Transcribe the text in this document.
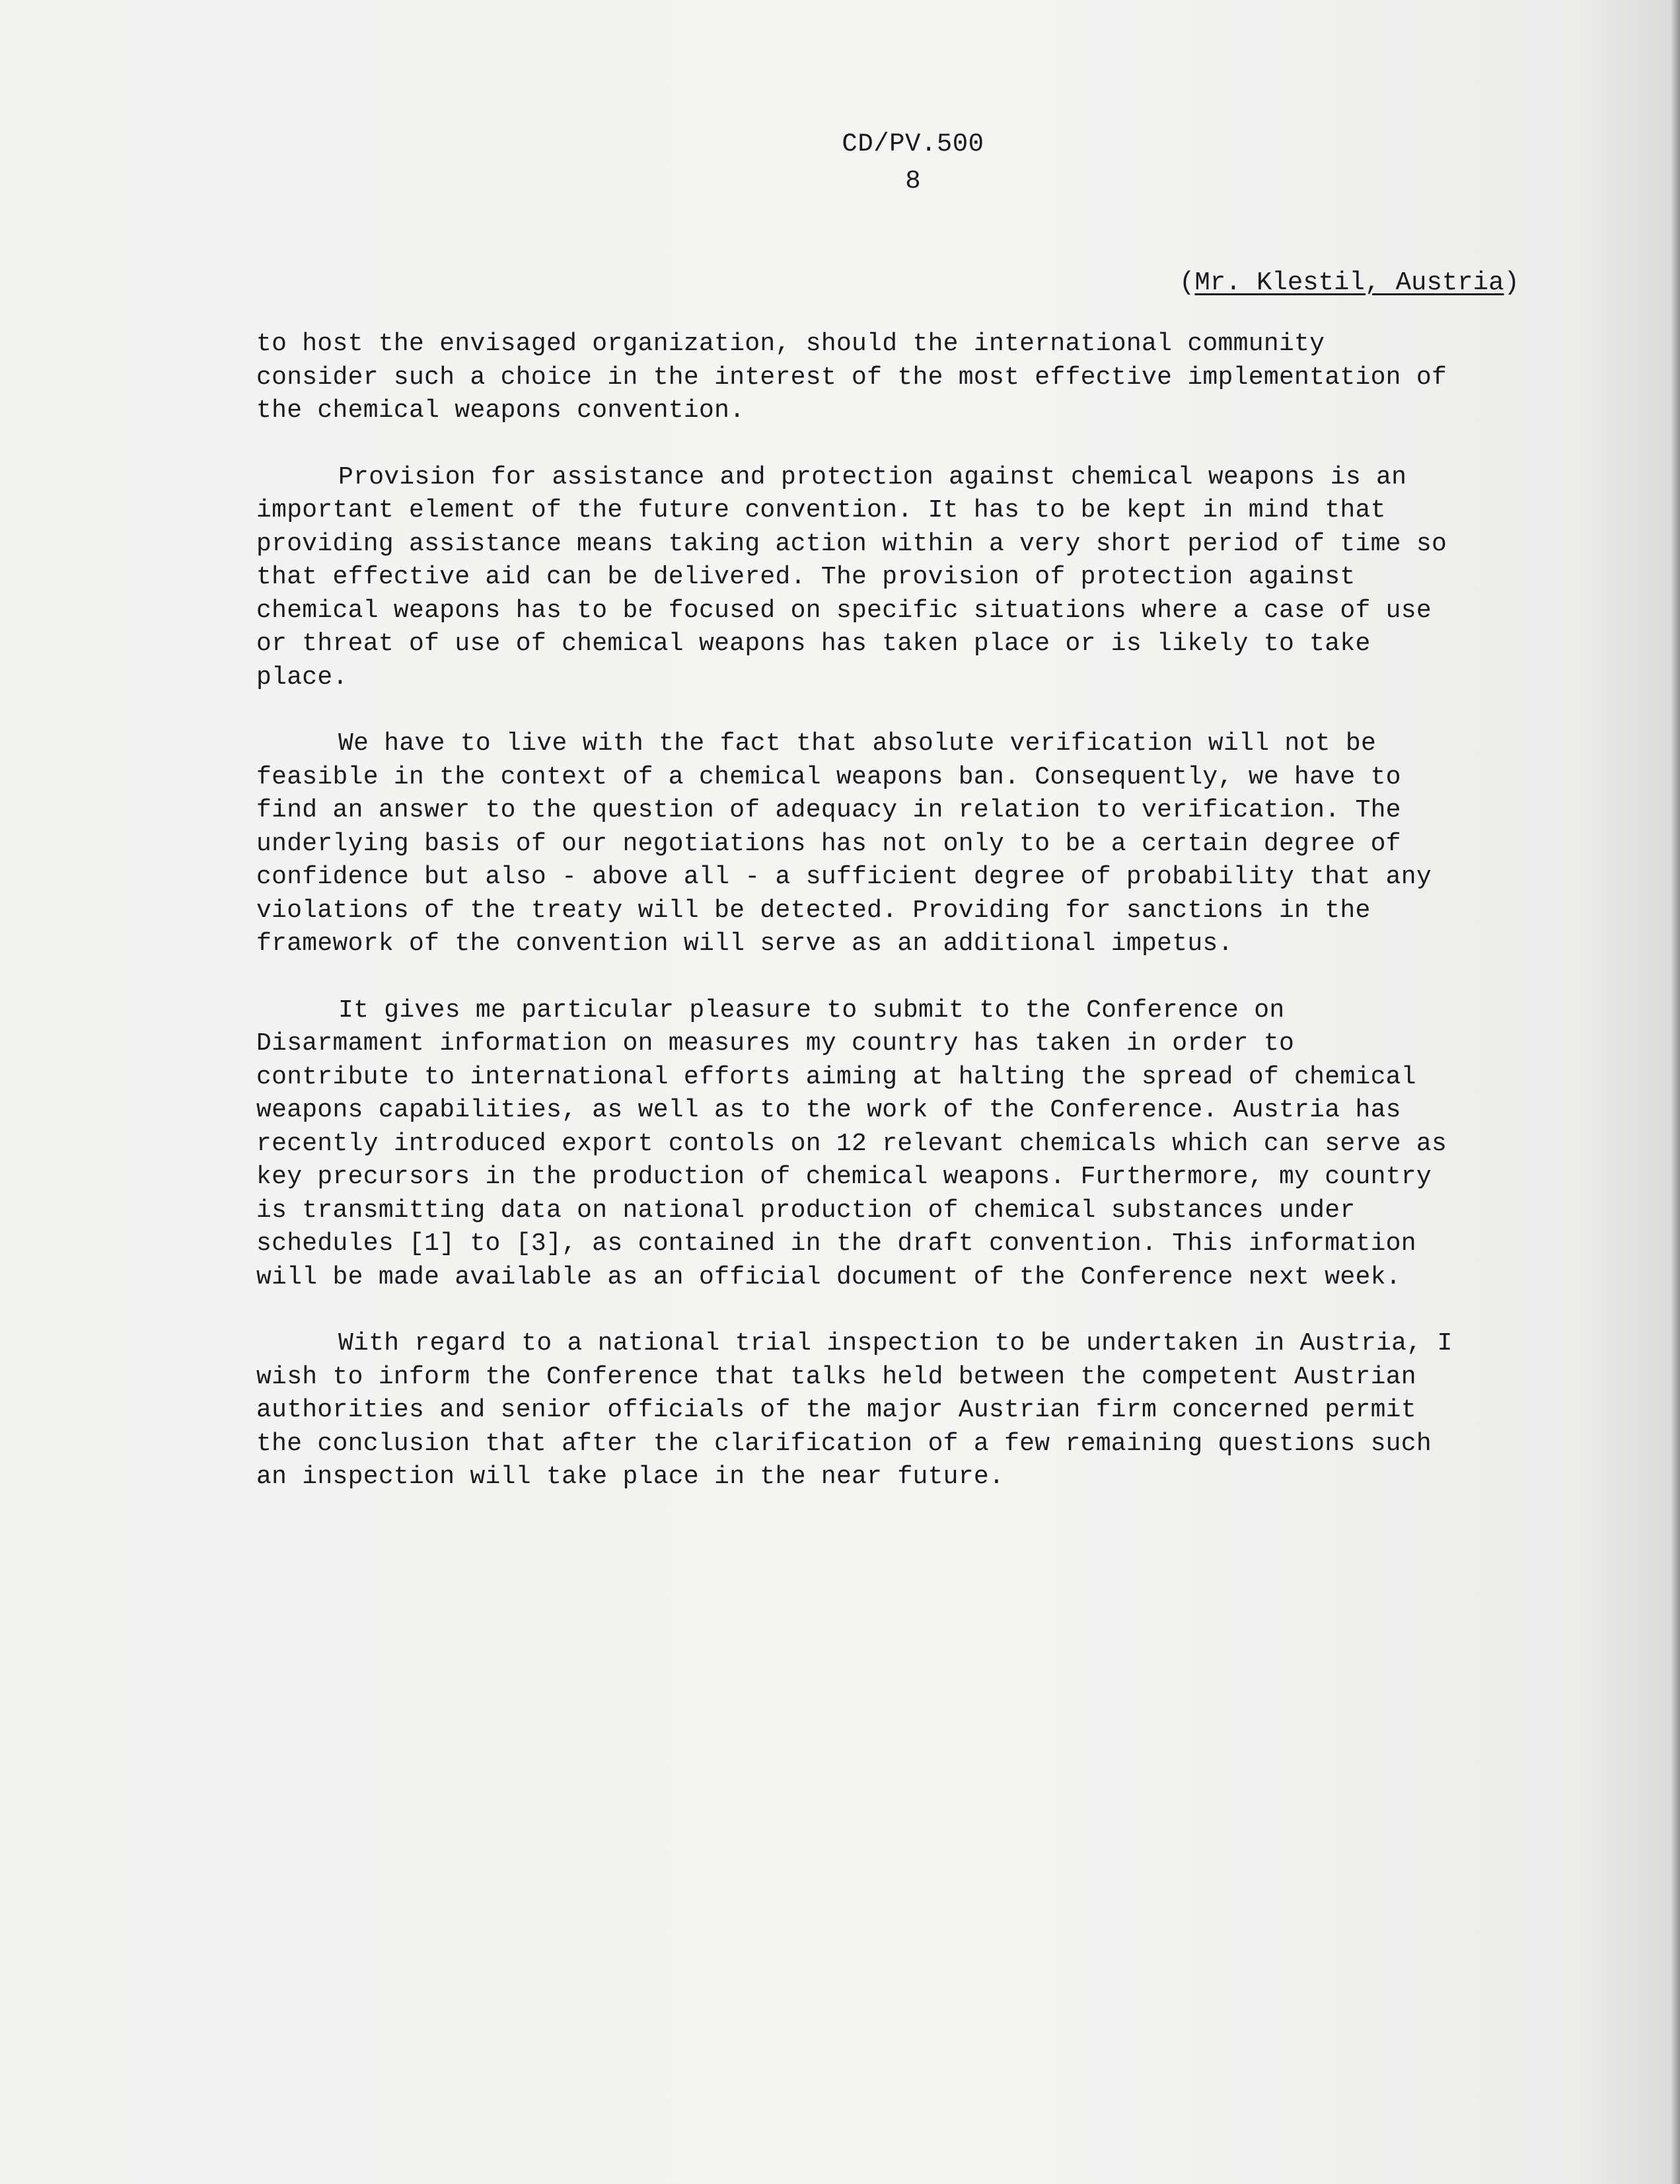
CD/PV.500
8
(Mr. Klestil, Austria)
to host the envisaged organization, should the international community
consider such a choice in the interest of the most effective implementation of
the chemical weapons convention.
Provision for assistance and protection against chemical weapons is an
important element of the future convention. It has to be kept in mind that
providing assistance means taking action within a very short period of time so
that effective aid can be delivered. The provision of protection against
chemical weapons has to be focused on specific situations where a case of use
or threat of use of chemical weapons has taken place or is likely to take
place.
We have to live with the fact that absolute verification will not be
feasible in the context of a chemical weapons ban. Consequently, we have to
find an answer to the question of adequacy in relation to verification. The
underlying basis of our negotiations has not only to be a certain degree of
confidence but also - above all - a sufficient degree of probability that any
violations of the treaty will be detected. Providing for sanctions in the
framework of the convention will serve as an additional impetus.
It gives me particular pleasure to submit to the Conference on
Disarmament information on measures my country has taken in order to
contribute to international efforts aiming at halting the spread of chemical
weapons capabilities, as well as to the work of the Conference. Austria has
recently introduced export contols on 12 relevant chemicals which can serve as
key precursors in the production of chemical weapons. Furthermore, my country
is transmitting data on national production of chemical substances under
schedules [1] to [3], as contained in the draft convention. This information
will be made available as an official document of the Conference next week.
With regard to a national trial inspection to be undertaken in Austria, I
wish to inform the Conference that talks held between the competent Austrian
authorities and senior officials of the major Austrian firm concerned permit
the conclusion that after the clarification of a few remaining questions such
an inspection will take place in the near future.
